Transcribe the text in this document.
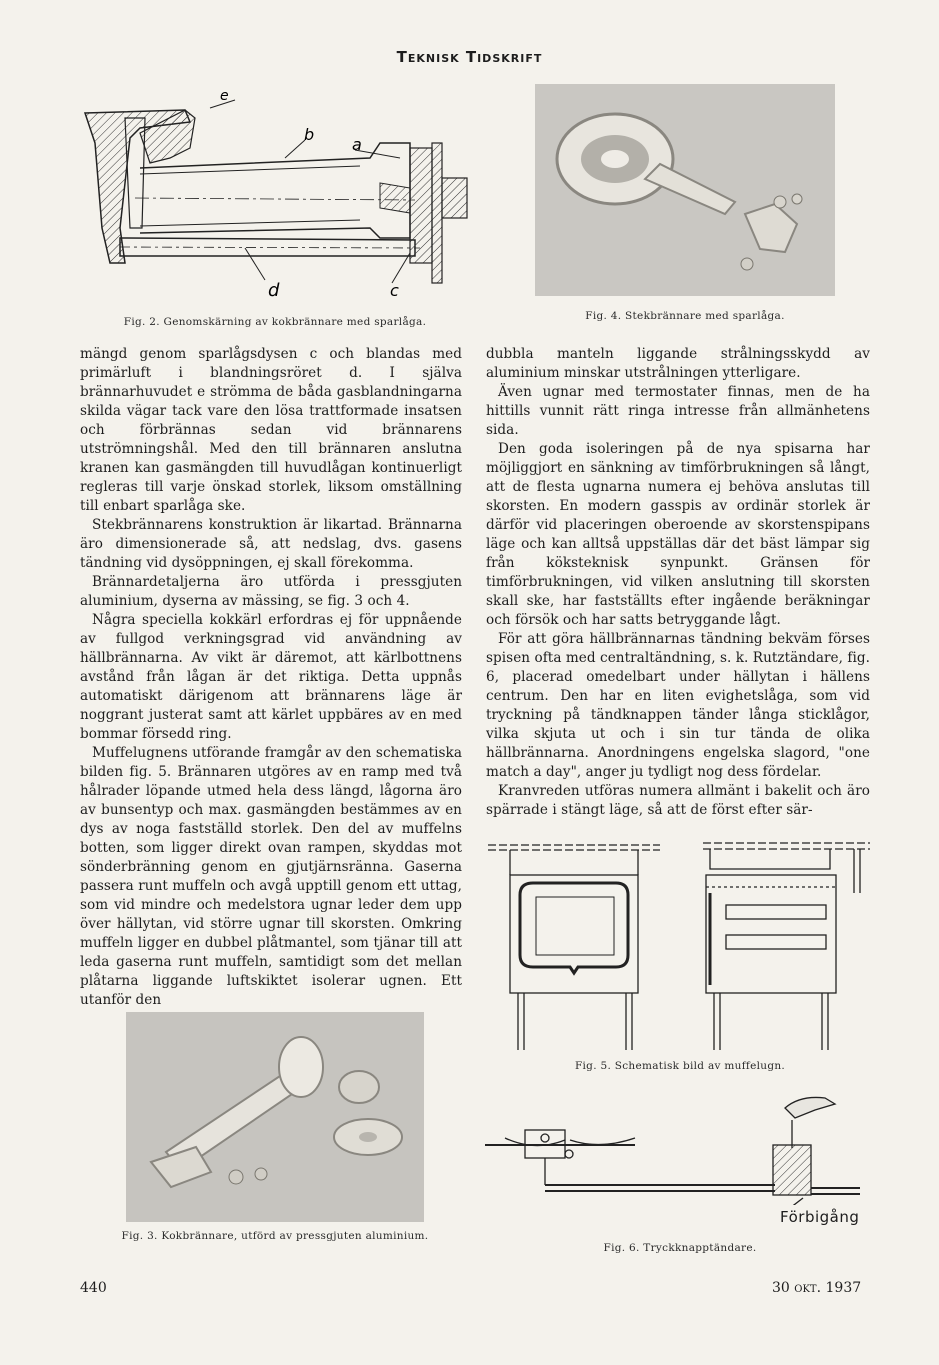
Teknisk Tidskrift
e
b
a
d	c
Fig. 2. Genomskärning av kokbrännare med sparlåga.	Fig. 4. Stekbrännare med sparlåga.

mängd genom sparlågsdysen c och blandas med primärluft i blandningsröret d. I själva brännarhuvudet e strömma de båda gasblandningarna skilda vägar tack vare den lösa trattformade insatsen och förbrännas sedan vid brännarens utströmningshål. Med den till brännaren anslutna kranen kan gasmängden till huvudlågan kontinuerligt regleras till varje önskad storlek, liksom omställning till enbart sparlåga ske.

Stekbrännarens konstruktion är likartad. Brännarna äro dimensionerade så, att nedslag, dvs. gasens tändning vid dysöppningen, ej skall förekomma.

Brännardetaljerna äro utförda i pressgjuten aluminium, dyserna av mässing, se fig. 3 och 4.

Några speciella kokkärl erfordras ej för uppnående av fullgod verkningsgrad vid användning av hällbrännarna. Av vikt är däremot, att kärlbottnens avstånd från lågan är det riktiga. Detta uppnås automatiskt därigenom att brännarens läge är noggrant justerat samt att kärlet uppbäres av en med bommar försedd ring.

Muffelugnens utförande framgår av den schematiska bilden fig. 5. Brännaren utgöres av en ramp med två hålrader löpande utmed hela dess längd, lågorna äro av bunsentyp och max. gasmängden bestämmes av en dys av noga fastställd storlek. Den del av muffelns botten, som ligger direkt ovan rampen, skyddas mot sönderbränning genom en gjutjärnsränna. Gaserna passera runt muffeln och avgå upptill genom ett uttag, som vid mindre och medelstora ugnar leder dem upp över hällytan, vid större ugnar till skorsten. Omkring muffeln ligger en dubbel plåtmantel, som tjänar till att leda gaserna runt muffeln, samtidigt som det mellan plåtarna liggande luftskiktet isolerar ugnen. Ett utanför den

dubbla manteln liggande strålningsskydd av aluminium minskar utstrålningen ytterligare.

Även ugnar med termostater finnas, men de ha hittills vunnit rätt ringa intresse från allmänhetens sida.

Den goda isoleringen på de nya spisarna har möjliggjort en sänkning av timförbrukningen så långt, att de flesta ugnarna numera ej behöva anslutas till skorsten. En modern gasspis av ordinär storlek är därför vid placeringen oberoende av skorstenspipans läge och kan alltså uppställas där det bäst lämpar sig från köksteknisk synpunkt. Gränsen för timförbrukningen, vid vilken anslutning till skorsten skall ske, har fastställts efter ingående beräkningar och försök och har satts betryggande lågt.

För att göra hällbrännarnas tändning bekväm förses spisen ofta med centraltändning, s. k. Rutztändare, fig. 6, placerad omedelbart under hällytan i hällens centrum. Den har en liten evighetslåga, som vid tryckning på tändknappen tänder långa sticklågor, vilka skjuta ut och i sin tur tända de olika hällbrännarna. Anordningens engelska slagord, "one match a day", anger ju tydligt nog dess fördelar.

Kranvreden utföras numera allmänt i bakelit och äro spärrade i stängt läge, så att de först efter sär-

Fig. 3. Kokbrännare, utförd av pressgjuten aluminium.
Fig. 5. Schematisk bild av muffelugn.
Förbigång
Fig. 6. Tryckknapptändare.
440	30 okt. 1937
